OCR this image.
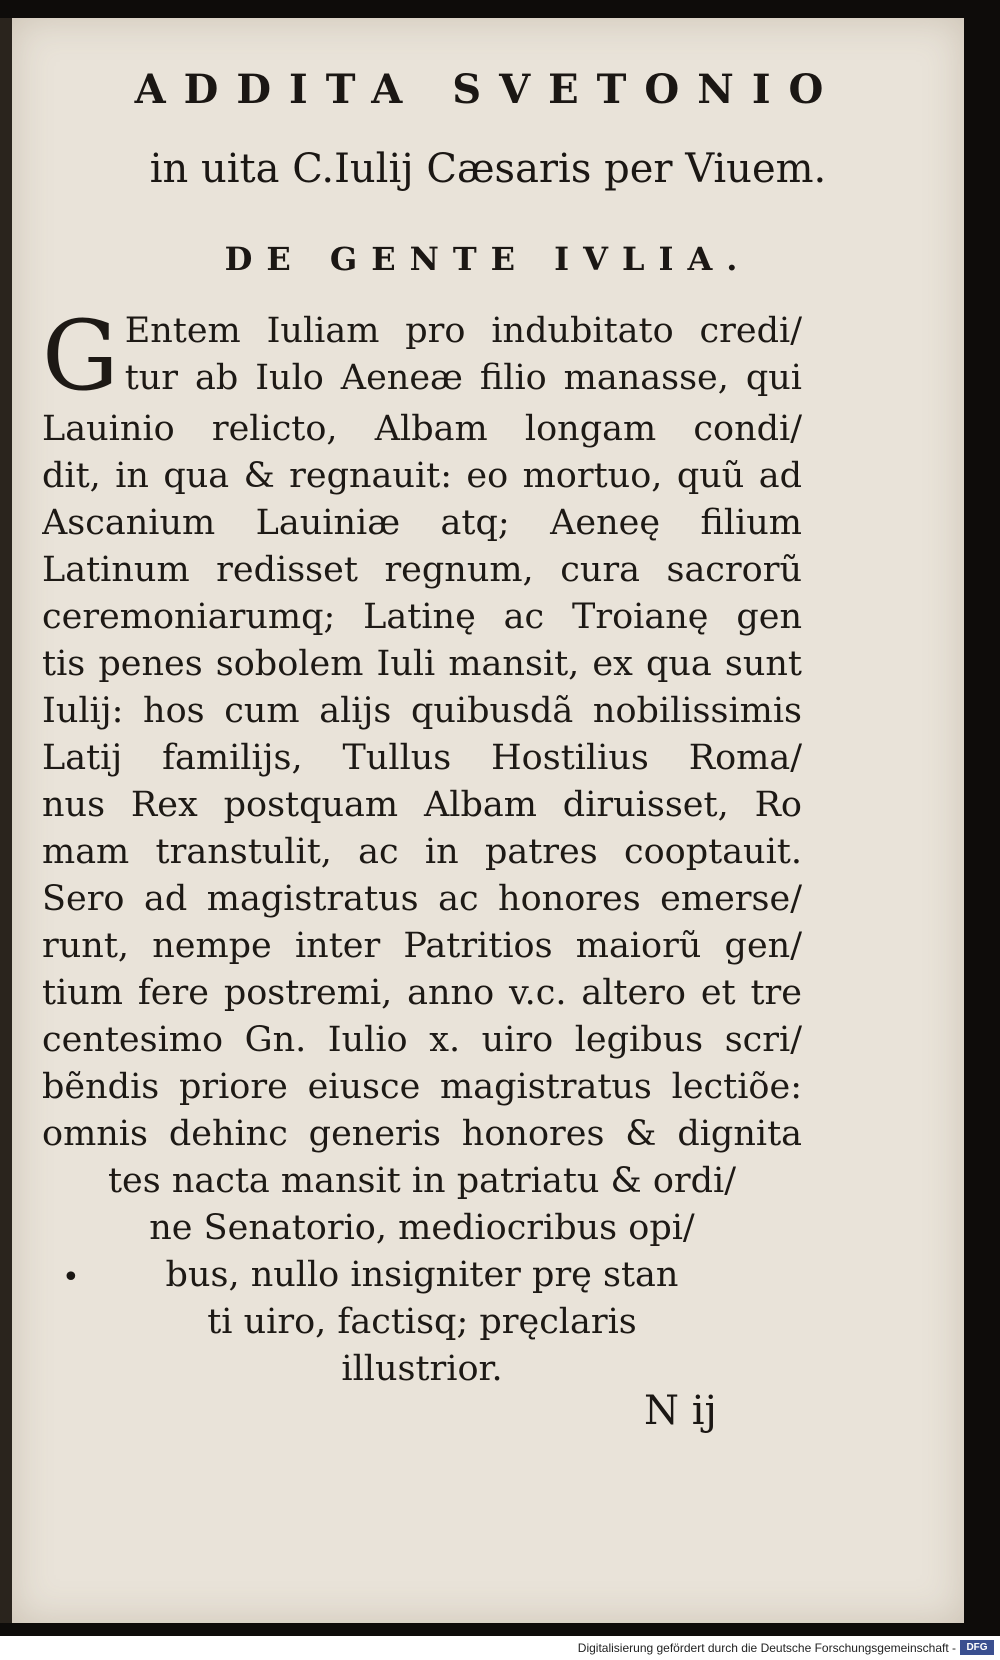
ADDITA SVETONIO
in uita C.Iulij Cæsaris per Viuem.
DE GENTE IVLIA.
G Entem Iuliam pro indubitato credi/
tur ab Iulo Aeneæ filio manasse, qui
Lauinio relicto, Albam longam condi/
dit, in qua & regnauit: eo mortuo, quũ ad
Ascanium Lauiniæ atq; Aeneę filium
Latinum redisset regnum, cura sacrorũ
ceremoniarumq; Latinę ac Troianę gen
tis penes sobolem Iuli mansit, ex qua sunt
Iulij: hos cum alijs quibusdã nobilissimis
Latij familijs, Tullus Hostilius Roma/
nus Rex postquam Albam diruisset, Ro
mam transtulit, ac in patres cooptauit.
Sero ad magistratus ac honores emerse/
runt, nempe inter Patritios maiorũ gen/
tium fere postremi, anno v.c. altero et tre
centesimo Gn. Iulio x. uiro legibus scri/
bẽndis priore eiusce magistratus lectiõe:
omnis dehinc generis honores & dignita
tes nacta mansit in patriatu & ordi/
ne Senatorio, mediocribus opi/
bus, nullo insigniter prę stan
ti uiro, factisq; pręclaris
illustrior.
•
N ij
Digitalisierung gefördert durch die Deutsche Forschungsgemeinschaft -	DFG
